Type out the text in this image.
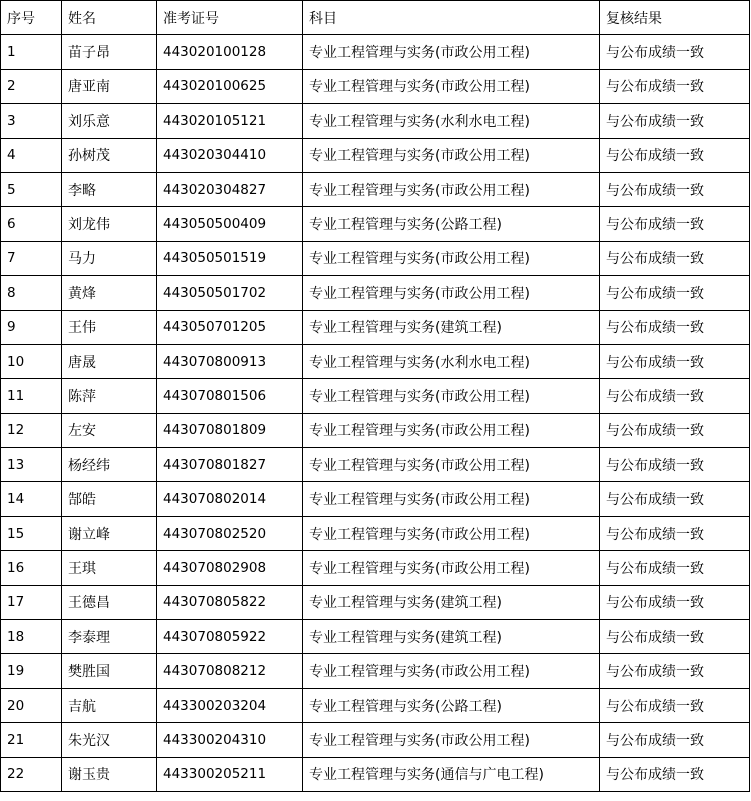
序号	姓名	准考证号	科目	复核结果
1	苗子昂	443020100128	专业工程管理与实务(市政公用工程)	与公布成绩一致
2	唐亚南	443020100625	专业工程管理与实务(市政公用工程)	与公布成绩一致
3	刘乐意	443020105121	专业工程管理与实务(水利水电工程)	与公布成绩一致
4	孙树茂	443020304410	专业工程管理与实务(市政公用工程)	与公布成绩一致
5	李略	443020304827	专业工程管理与实务(市政公用工程)	与公布成绩一致
6	刘龙伟	443050500409	专业工程管理与实务(公路工程)	与公布成绩一致
7	马力	443050501519	专业工程管理与实务(市政公用工程)	与公布成绩一致
8	黄烽	443050501702	专业工程管理与实务(市政公用工程)	与公布成绩一致
9	王伟	443050701205	专业工程管理与实务(建筑工程)	与公布成绩一致
10	唐晟	443070800913	专业工程管理与实务(水利水电工程)	与公布成绩一致
11	陈萍	443070801506	专业工程管理与实务(市政公用工程)	与公布成绩一致
12	左安	443070801809	专业工程管理与实务(市政公用工程)	与公布成绩一致
13	杨经纬	443070801827	专业工程管理与实务(市政公用工程)	与公布成绩一致
14	郜皓	443070802014	专业工程管理与实务(市政公用工程)	与公布成绩一致
15	谢立峰	443070802520	专业工程管理与实务(市政公用工程)	与公布成绩一致
16	王琪	443070802908	专业工程管理与实务(市政公用工程)	与公布成绩一致
17	王德昌	443070805822	专业工程管理与实务(建筑工程)	与公布成绩一致
18	李泰理	443070805922	专业工程管理与实务(建筑工程)	与公布成绩一致
19	樊胜国	443070808212	专业工程管理与实务(市政公用工程)	与公布成绩一致
20	吉航	443300203204	专业工程管理与实务(公路工程)	与公布成绩一致
21	朱光汉	443300204310	专业工程管理与实务(市政公用工程)	与公布成绩一致
22	谢玉贵	443300205211	专业工程管理与实务(通信与广电工程)	与公布成绩一致
